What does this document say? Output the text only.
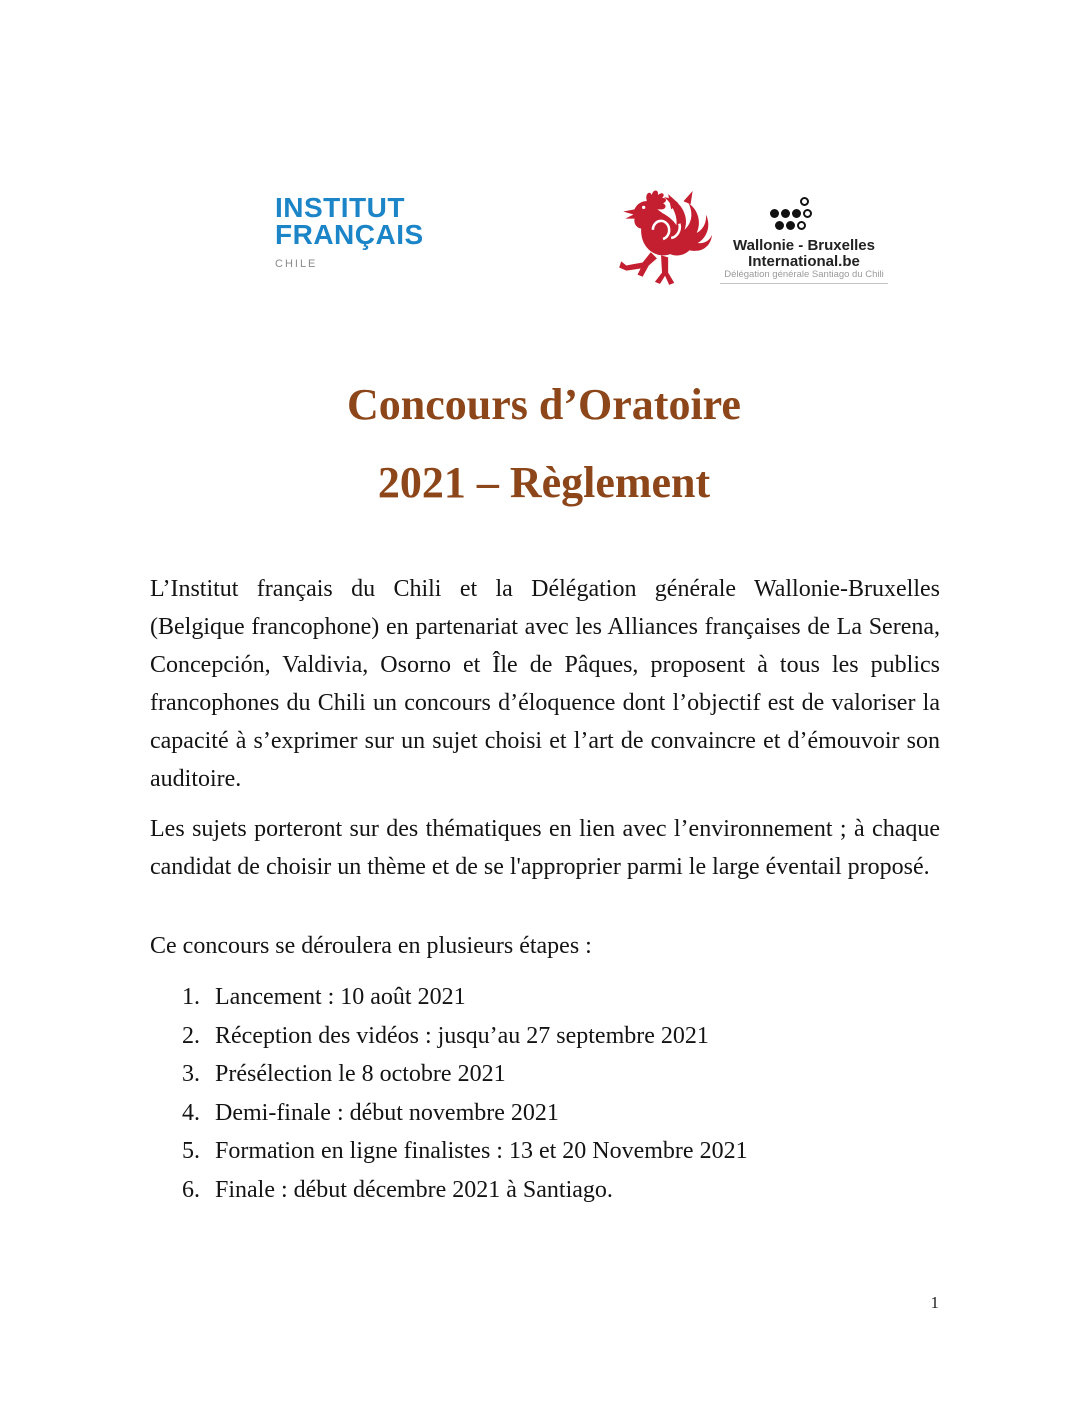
INSTITUT
FRANÇAIS
CHILE
Wallonie - Bruxelles
International.be
Délégation générale Santiago du Chili
Concours d’Oratoire
2021 – Règlement

L’Institut français du Chili et la Délégation générale Wallonie-Bruxelles (Belgique francophone) en partenariat avec les Alliances françaises de La Serena, Concepción, Valdivia, Osorno et Île de Pâques, proposent à tous les publics francophones du Chili un concours d’éloquence dont l’objectif est de valoriser la capacité à s’exprimer sur un sujet choisi et l’art de convaincre et d’émouvoir son auditoire.

Les sujets porteront sur des thématiques en lien avec l’environnement ; à chaque candidat de choisir un thème et de se l'approprier parmi le large éventail proposé.

Ce concours se déroulera en plusieurs étapes :
1. Lancement : 10 août 2021
2. Réception des vidéos : jusqu’au 27 septembre 2021
3. Présélection le 8 octobre 2021
4. Demi-finale : début novembre 2021
5. Formation en ligne finalistes : 13 et 20 Novembre 2021
6. Finale : début décembre 2021 à Santiago.
1
